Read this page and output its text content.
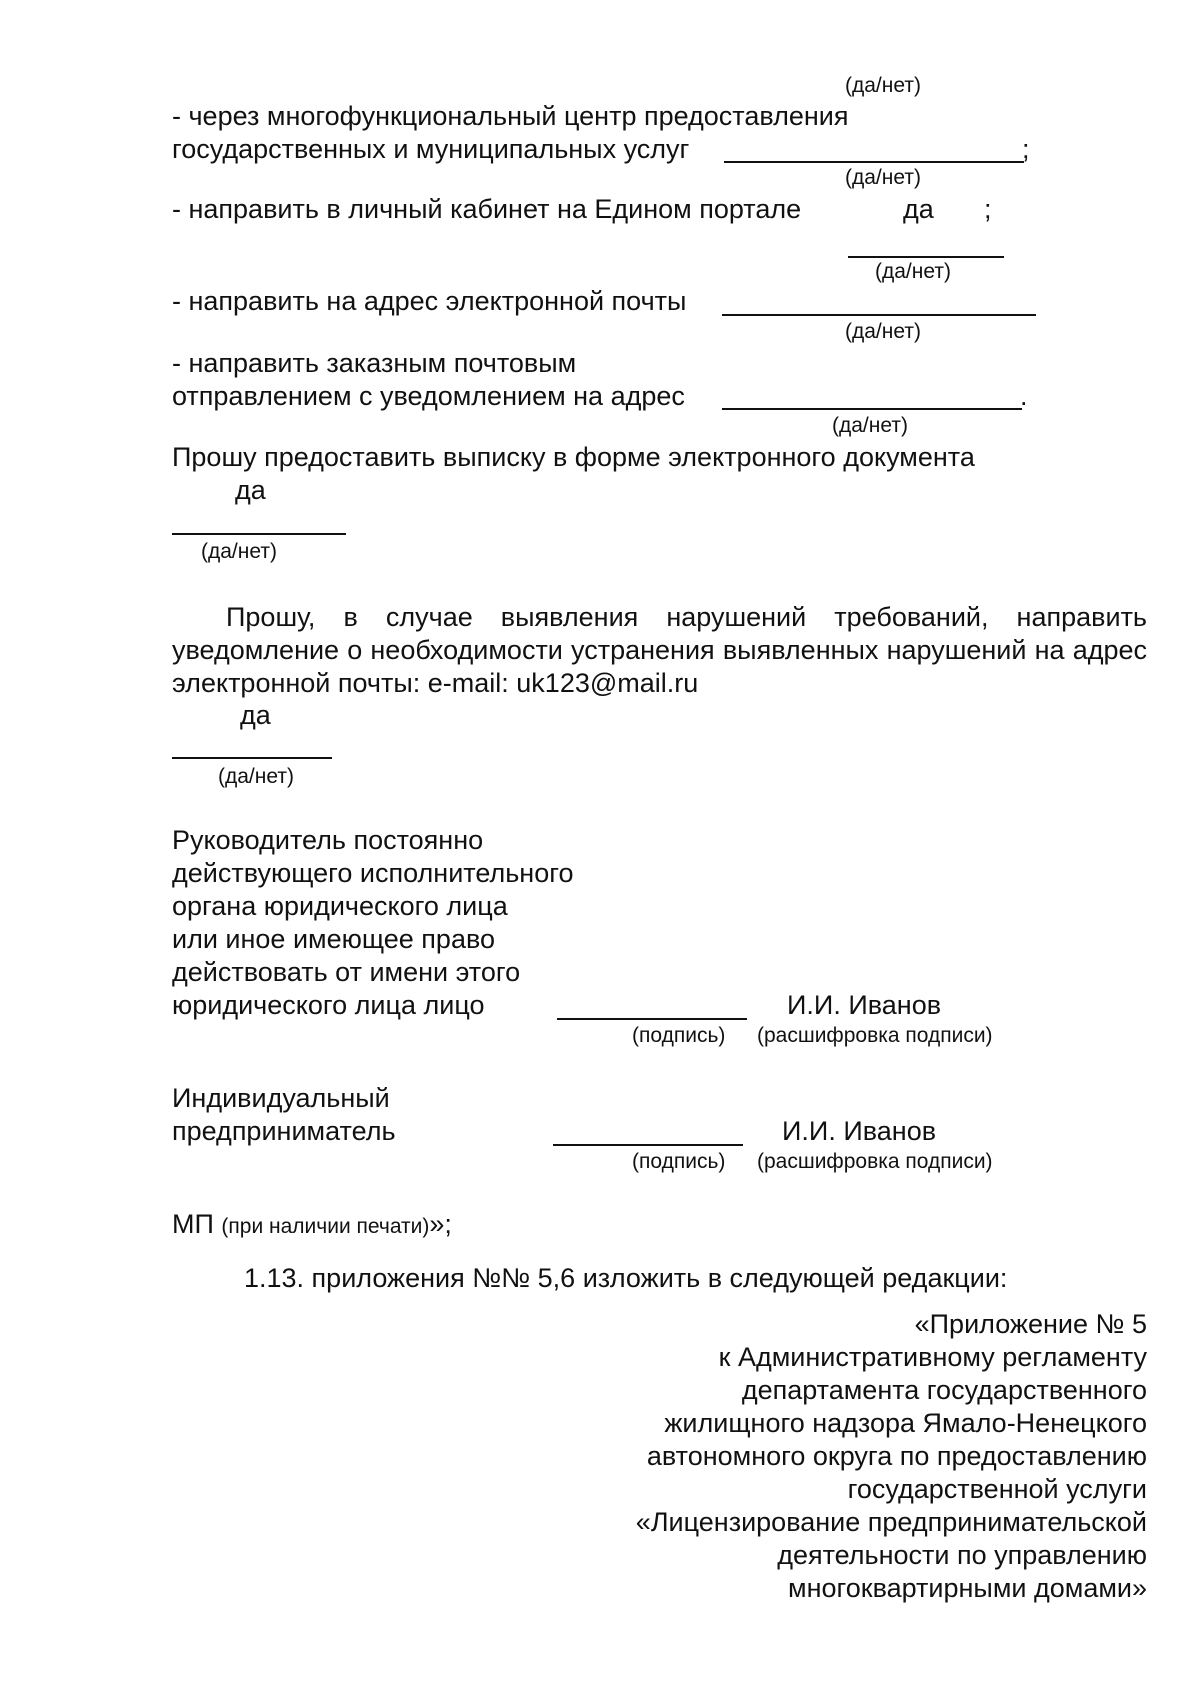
(да/нет)
- через многофункциональный центр предоставления
государственных и муниципальных услуг	;
(да/нет)
- направить в личный кабинет на Едином портале	да ;
(да/нет)
- направить на адрес электронной почты
(да/нет)
- направить заказным почтовым
отправлением с уведомлением на адрес	.
(да/нет)
Прошу предоставить выписку в форме электронного документа
да
(да/нет)

Прошу, в случае выявления нарушений требований, направить уведомление о необходимости устранения выявленных нарушений на адрес электронной почты: e-mail: uk123@mail.ru

да
(да/нет)
Руководитель постоянно
действующего исполнительного
органа юридического лица
или иное имеющее право
действовать от имени этого
юридического лица лицо	И.И. Иванов
(подпись) (расшифровка подписи)
Индивидуальный
предприниматель	И.И. Иванов
(подпись) (расшифровка подписи)
МП (при наличии печати)»;
1.13. приложения №№ 5,6 изложить в следующей редакции:
«Приложение № 5
к Административному регламенту
департамента государственного
жилищного надзора Ямало-Ненецкого
автономного округа по предоставлению
государственной услуги
«Лицензирование предпринимательской
деятельности по управлению
многоквартирными домами»
